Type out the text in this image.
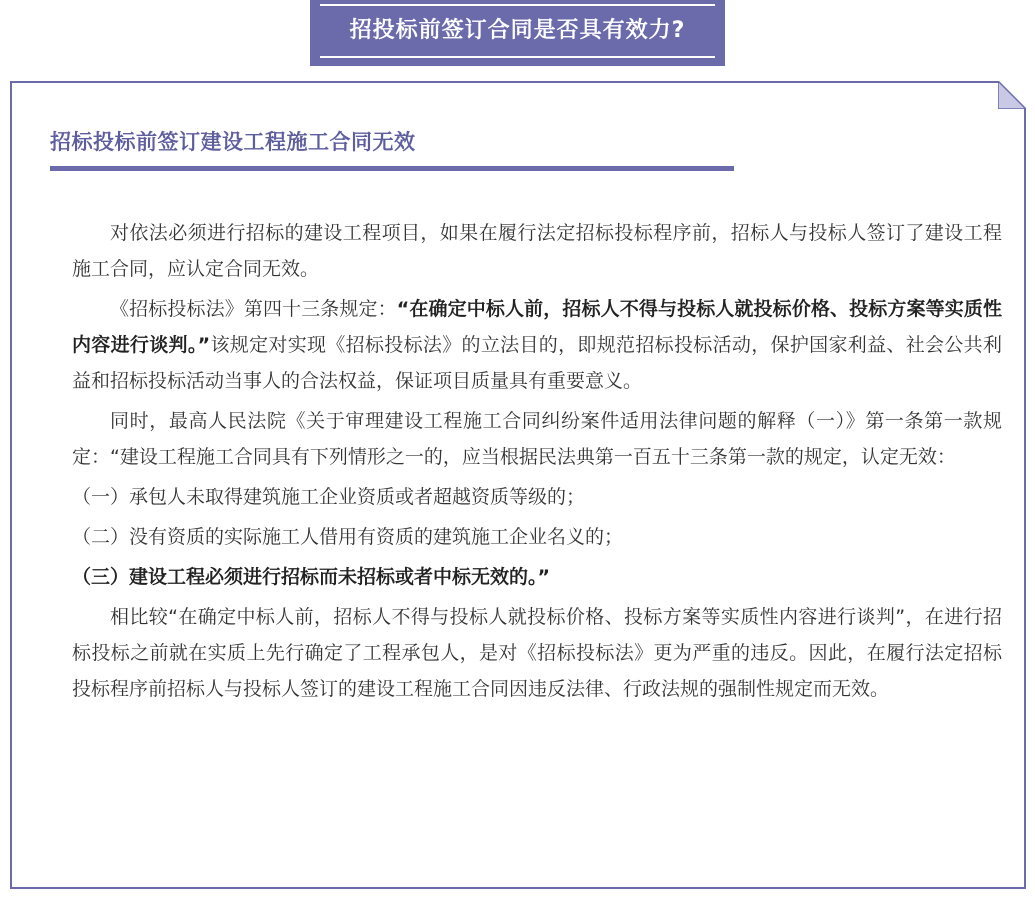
招投标前签订合同是否具有效力?
招标投标前签订建设工程施工合同无效

对依法必须进行招标的建设工程项目，如果在履行法定招标投标程序前，招标人与投标人签订了建设工程施工合同，应认定合同无效。

《招标投标法》第四十三条规定：“在确定中标人前，招标人不得与投标人就投标价格、投标方案等实质性内容进行谈判。”该规定对实现《招标投标法》的立法目的，即规范招标投标活动，保护国家利益、社会公共利益和招标投标活动当事人的合法权益，保证项目质量具有重要意义。

同时，最高人民法院《关于审理建设工程施工合同纠纷案件适用法律问题的解释（一）》第一条第一款规定：“建设工程施工合同具有下列情形之一的，应当根据民法典第一百五十三条第一款的规定，认定无效：

（一）承包人未取得建筑施工企业资质或者超越资质等级的；

（二）没有资质的实际施工人借用有资质的建筑施工企业名义的；

（三）建设工程必须进行招标而未招标或者中标无效的。”

相比较“在确定中标人前，招标人不得与投标人就投标价格、投标方案等实质性内容进行谈判”，在进行招标投标之前就在实质上先行确定了工程承包人，是对《招标投标法》更为严重的违反。因此，在履行法定招标投标程序前招标人与投标人签订的建设工程施工合同因违反法律、行政法规的强制性规定而无效。
